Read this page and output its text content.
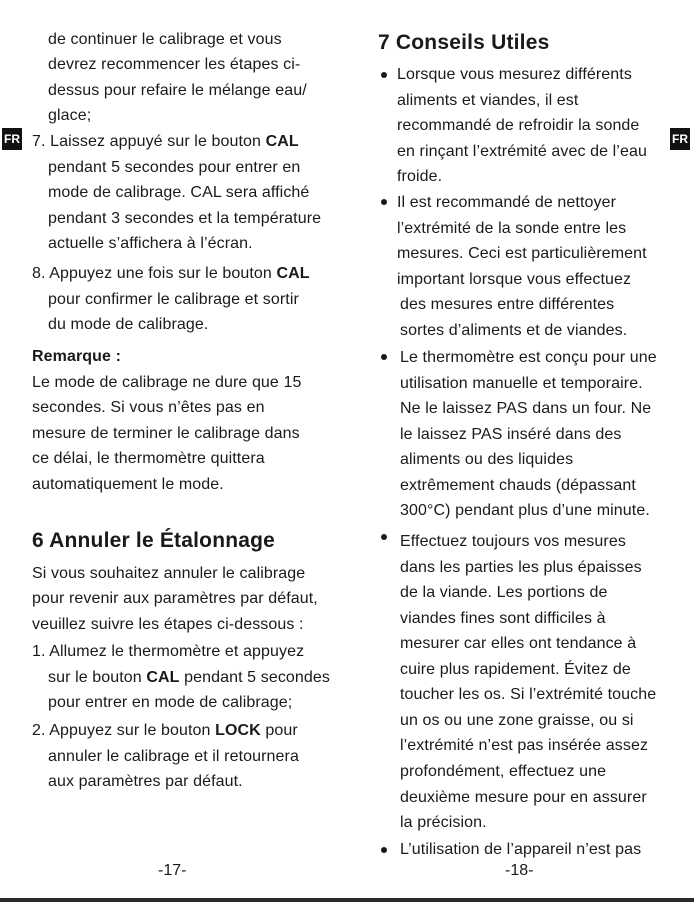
FR
de continuer le calibrage et vous
devrez recommencer les étapes ci-
dessus pour refaire le mélange eau/
glace;
7. Laissez appuyé sur le bouton CAL
pendant 5 secondes pour entrer en
mode de calibrage. CAL sera affiché
pendant 3 secondes et la température
actuelle s’affichera à l’écran.
8. Appuyez une fois sur le bouton CAL
pour confirmer le calibrage et sortir
du mode de calibrage.
Remarque :
Le mode de calibrage ne dure que 15
secondes. Si vous n’êtes pas en
mesure de terminer le calibrage dans
ce délai, le thermomètre quittera
automatiquement le mode.
6 Annuler le Étalonnage
Si vous souhaitez annuler le calibrage
pour revenir aux paramètres par défaut,
veuillez suivre les étapes ci-dessous :
1. Allumez le thermomètre et appuyez
sur le bouton CAL pendant 5 secondes
pour entrer en mode de calibrage;
2. Appuyez sur le bouton LOCK pour
annuler le calibrage et il retournera
aux paramètres par défaut.
-17-
FR
7 Conseils Utiles
Lorsque vous mesurez différents
aliments et viandes, il est
recommandé de refroidir la sonde
en rinçant l’extrémité avec de l’eau
froide.
Il est recommandé de nettoyer
l’extrémité de la sonde entre les
mesures. Ceci est particulièrement
important lorsque vous effectuez
des mesures entre différentes
sortes d’aliments et de viandes.
Le thermomètre est conçu pour une
utilisation manuelle et temporaire.
Ne le laissez PAS dans un four. Ne
le laissez PAS inséré dans des
aliments ou des liquides
extrêmement chauds (dépassant
300°C) pendant plus d’une minute.
Effectuez toujours vos mesures
dans les parties les plus épaisses
de la viande. Les portions de
viandes fines sont difficiles à
mesurer car elles ont tendance à
cuire plus rapidement. Évitez de
toucher les os. Si l’extrémité touche
un os ou une zone graisse, ou si
l’extrémité n’est pas insérée assez
profondément, effectuez une
deuxième mesure pour en assurer
la précision.
L’utilisation de l’appareil n’est pas
-18-
